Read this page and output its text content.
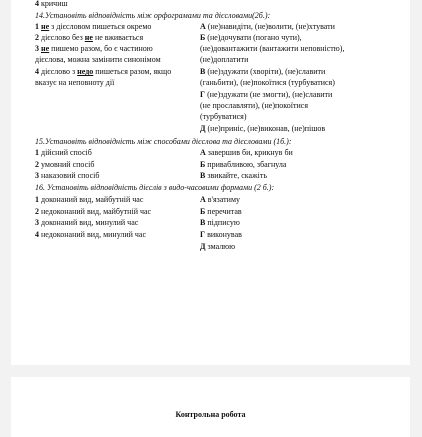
4 кричиш
14.Установіть відповідність між орфограмами та дієсловами(2б.):
1 не з дієсловом пишеться окремо
2 дієслово без не не вживається
3 не пишемо разом, бо є частиною
дієслова, можна замінити синонімом
4 дієслово з недо пишеться разом, якщо
вказує на неповноту дії
А (не)навидіти, (не)волити, (не)хтувати
Б (не)дочувати (погано чути),
(не)довантажити (вантажити неповністю),
(не)доплатити
В (не)здужати (хворіти), (не)славити
(ганьбити), (не)покоїтися (турбуватися)
Г (не)здужати (не змогти), (не)славити
(не прославляти), (не)покоїтися
(турбуватися)
Д (не)приніс, (не)виконав, (не)пішов
15.Установіть відповідність між способами дієслова та дієсловами (1б.):
1 дійсний спосіб
2 умовний спосіб
3 наказовий спосіб
А завершив би, крикнув би
Б привабливою, збагнула
В звикайте, скажіть
16. Установіть відповідність дієслів з видо-часовими формами (2 б.):
1 доконаний вид, майбутній час
2 недоконаний вид, майбутній час
3 доконаний вид, минулий час
4 недоконаний вид, минулий час
А в'язатиму
Б перечитав
В підписую
Г виконував
Д змалюю
Контрольна робота
